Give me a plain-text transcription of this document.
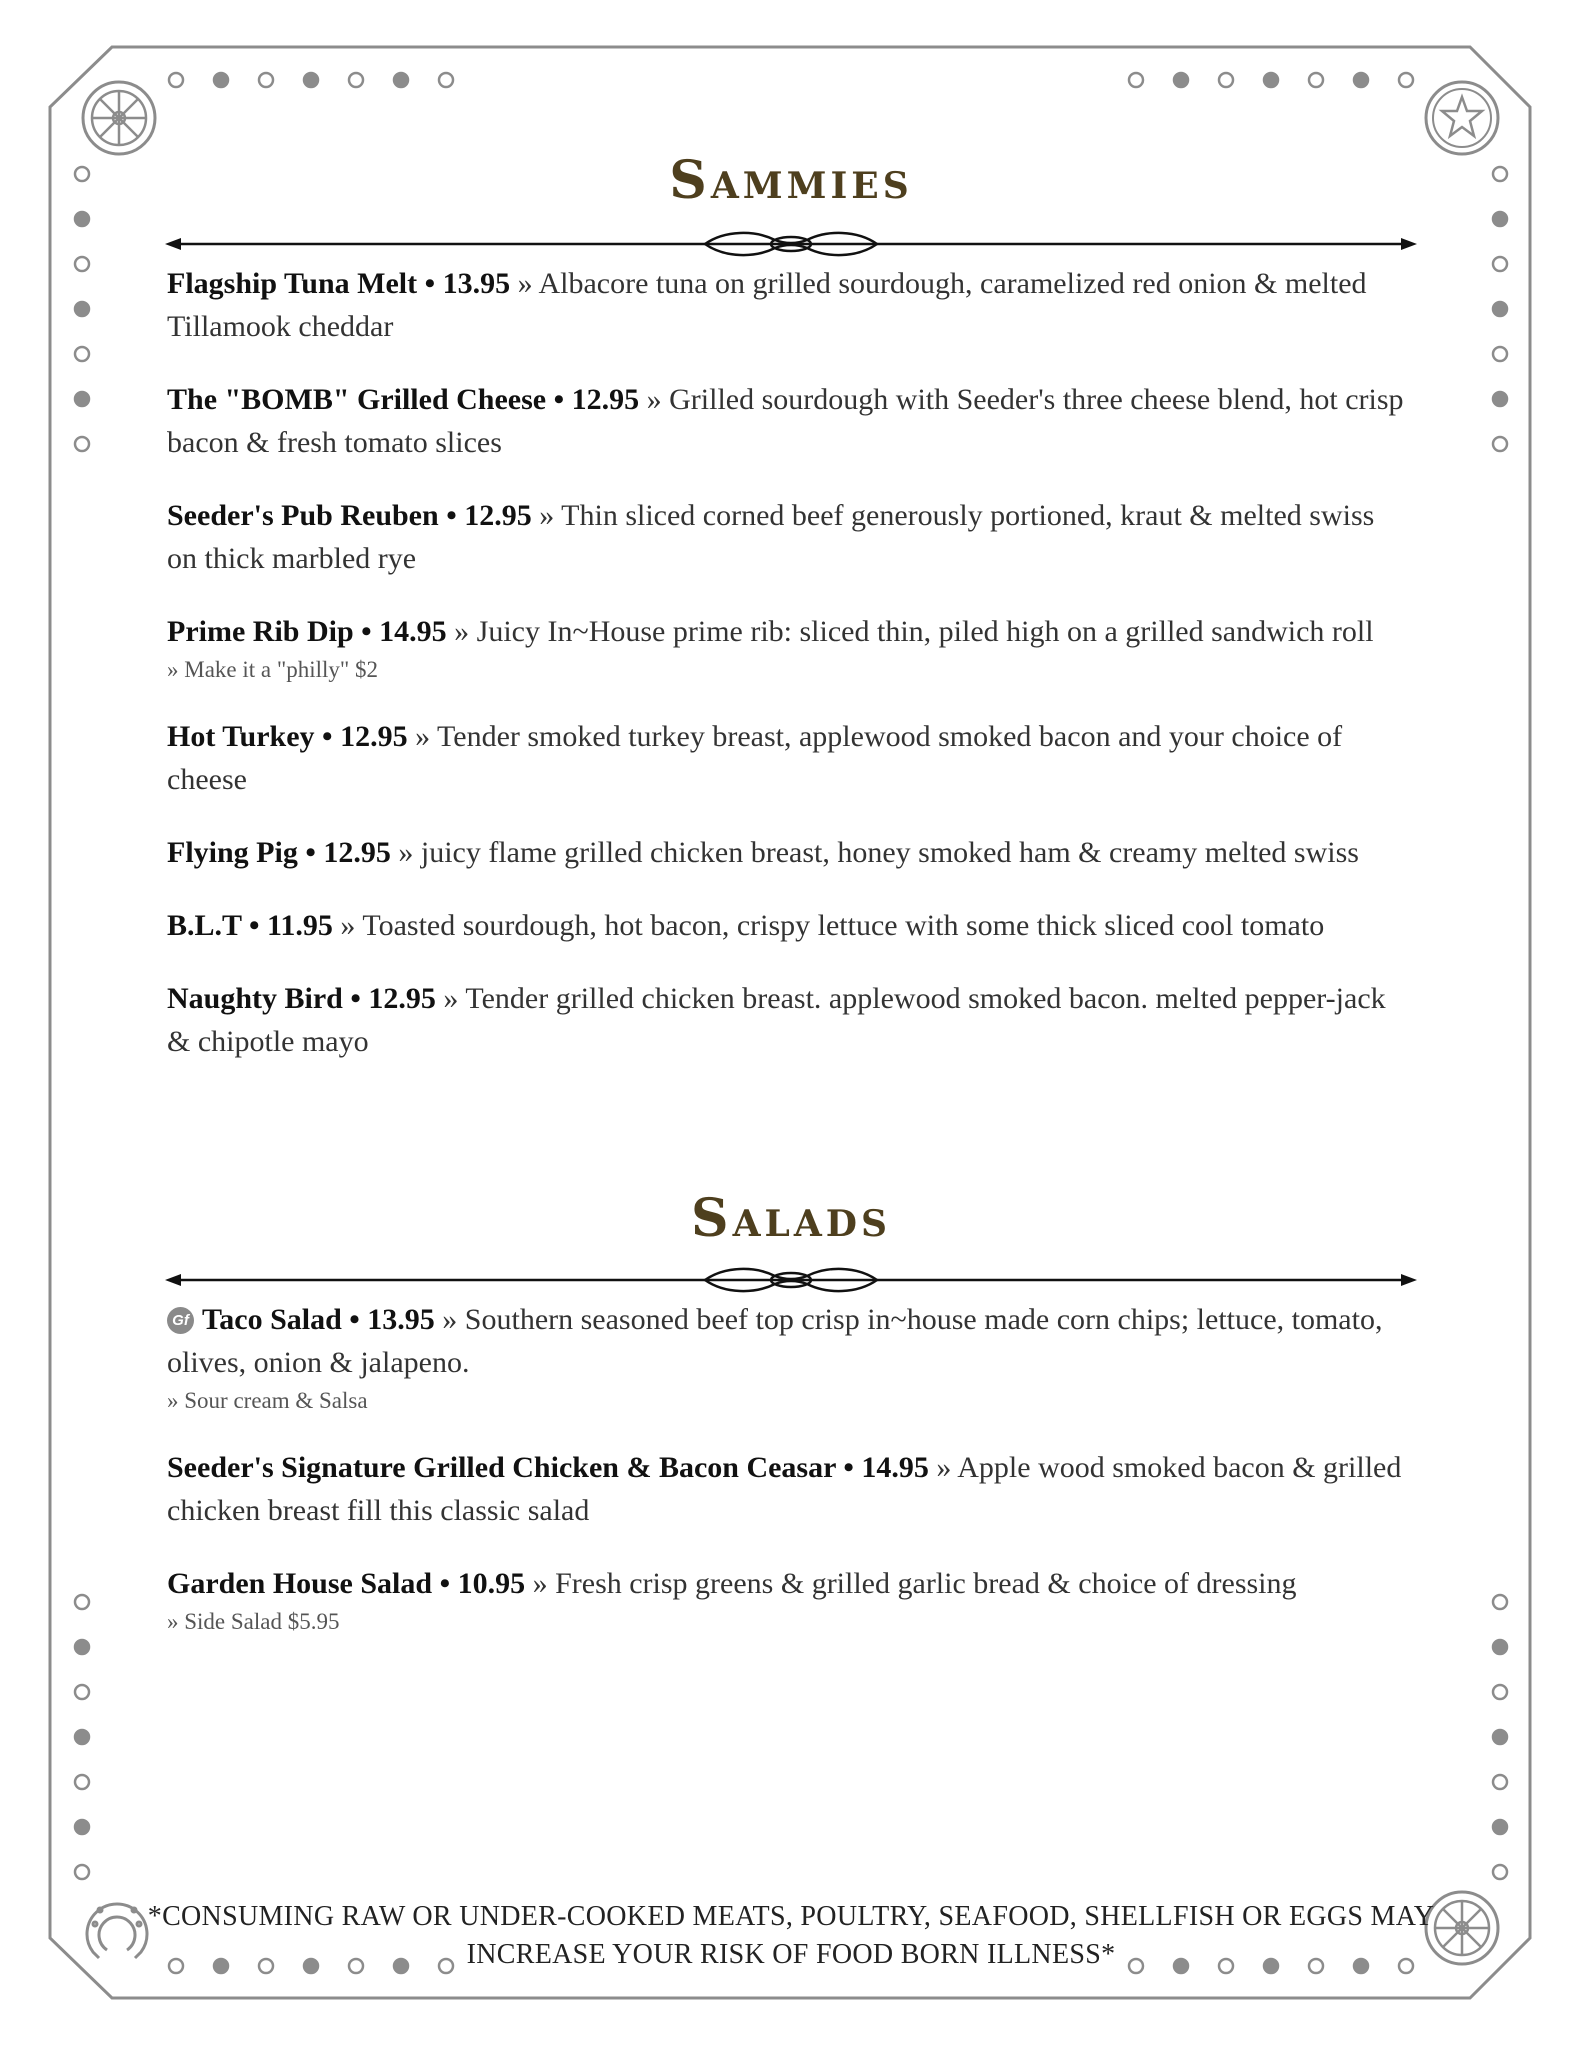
Sammies
Flagship Tuna Melt • 13.95 » Albacore tuna on grilled sourdough, caramelized red onion & melted Tillamook cheddar
The "BOMB" Grilled Cheese • 12.95 » Grilled sourdough with Seeder's three cheese blend, hot crisp bacon & fresh tomato slices
Seeder's Pub Reuben • 12.95 » Thin sliced corned beef generously portioned, kraut & melted swiss on thick marbled rye
Prime Rib Dip • 14.95 » Juicy In~House prime rib: sliced thin, piled high on a grilled sandwich roll
» Make it a "philly" $2
Hot Turkey • 12.95 » Tender smoked turkey breast, applewood smoked bacon and your choice of cheese
Flying Pig • 12.95 » juicy flame grilled chicken breast, honey smoked ham & creamy melted swiss
B.L.T • 11.95 » Toasted sourdough, hot bacon, crispy lettuce with some thick sliced cool tomato
Naughty Bird • 12.95 » Tender grilled chicken breast. applewood smoked bacon. melted pepper-jack & chipotle mayo
Salads
Gf Taco Salad • 13.95 » Southern seasoned beef top crisp in~house made corn chips; lettuce, tomato, olives, onion & jalapeno.
» Sour cream & Salsa
Seeder's Signature Grilled Chicken & Bacon Ceasar • 14.95 » Apple wood smoked bacon & grilled chicken breast fill this classic salad
Garden House Salad • 10.95 » Fresh crisp greens & grilled garlic bread & choice of dressing
» Side Salad $5.95
*CONSUMING RAW OR UNDER-COOKED MEATS, POULTRY, SEAFOOD, SHELLFISH OR EGGS MAY
INCREASE YOUR RISK OF FOOD BORN ILLNESS*
